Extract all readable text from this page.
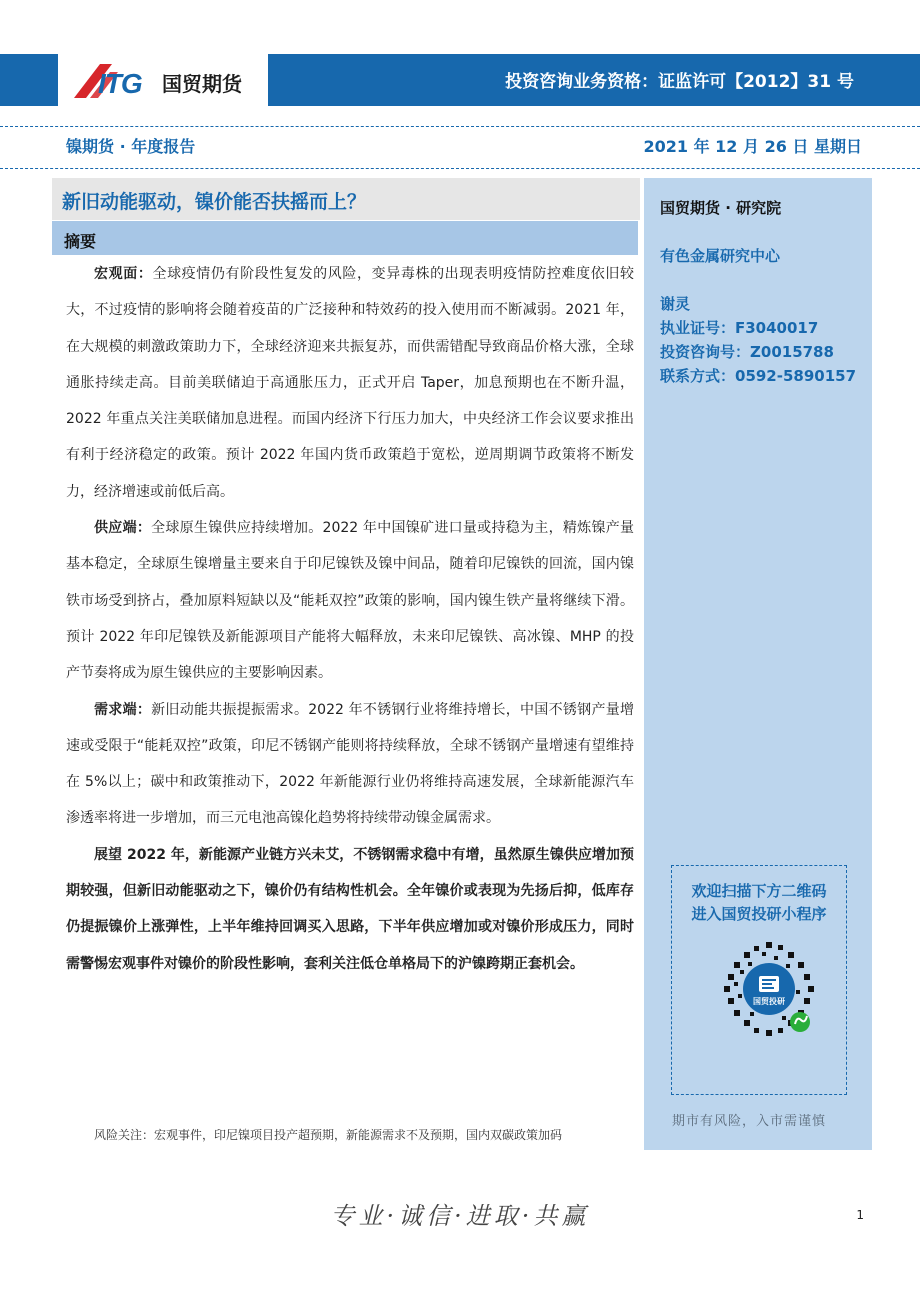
ITG 国贸期货	投资咨询业务资格：证监许可【2012】31 号
镍期货 · 年度报告	2021 年 12 月 26 日 星期日
新旧动能驱动，镍价能否扶摇而上？
摘要

宏观面：全球疫情仍有阶段性复发的风险，变异毒株的出现表明疫情防控难度依旧较大，不过疫情的影响将会随着疫苗的广泛接种和特效药的投入使用而不断减弱。2021 年，在大规模的刺激政策助力下，全球经济迎来共振复苏，而供需错配导致商品价格大涨，全球通胀持续走高。目前美联储迫于高通胀压力，正式开启 Taper，加息预期也在不断升温，2022 年重点关注美联储加息进程。而国内经济下行压力加大，中央经济工作会议要求推出有利于经济稳定的政策。预计 2022 年国内货币政策趋于宽松，逆周期调节政策将不断发力，经济增速或前低后高。

供应端：全球原生镍供应持续增加。2022 年中国镍矿进口量或持稳为主，精炼镍产量基本稳定，全球原生镍增量主要来自于印尼镍铁及镍中间品，随着印尼镍铁的回流，国内镍铁市场受到挤占，叠加原料短缺以及“能耗双控”政策的影响，国内镍生铁产量将继续下滑。预计 2022 年印尼镍铁及新能源项目产能将大幅释放，未来印尼镍铁、高冰镍、MHP 的投产节奏将成为原生镍供应的主要影响因素。

需求端：新旧动能共振提振需求。2022 年不锈钢行业将维持增长，中国不锈钢产量增速或受限于“能耗双控”政策，印尼不锈钢产能则将持续释放，全球不锈钢产量增速有望维持在 5%以上；碳中和政策推动下，2022 年新能源行业仍将维持高速发展，全球新能源汽车渗透率将进一步增加，而三元电池高镍化趋势将持续带动镍金属需求。

展望 2022 年，新能源产业链方兴未艾，不锈钢需求稳中有增，虽然原生镍供应增加预期较强，但新旧动能驱动之下，镍价仍有结构性机会。全年镍价或表现为先扬后抑，低库存仍提振镍价上涨弹性，上半年维持回调买入思路，下半年供应增加或对镍价形成压力，同时需警惕宏观事件对镍价的阶段性影响，套利关注低仓单格局下的沪镍跨期正套机会。

风险关注：宏观事件，印尼镍项目投产超预期，新能源需求不及预期，国内双碳政策加码
国贸期货 · 研究院
有色金属研究中心
谢灵
执业证号：F3040017
投资咨询号：Z0015788
联系方式：0592-5890157
欢迎扫描下方二维码
进入国贸投研小程序
国贸投研
期市有风险，入市需谨慎
专业·诚信·进取·共赢	1
